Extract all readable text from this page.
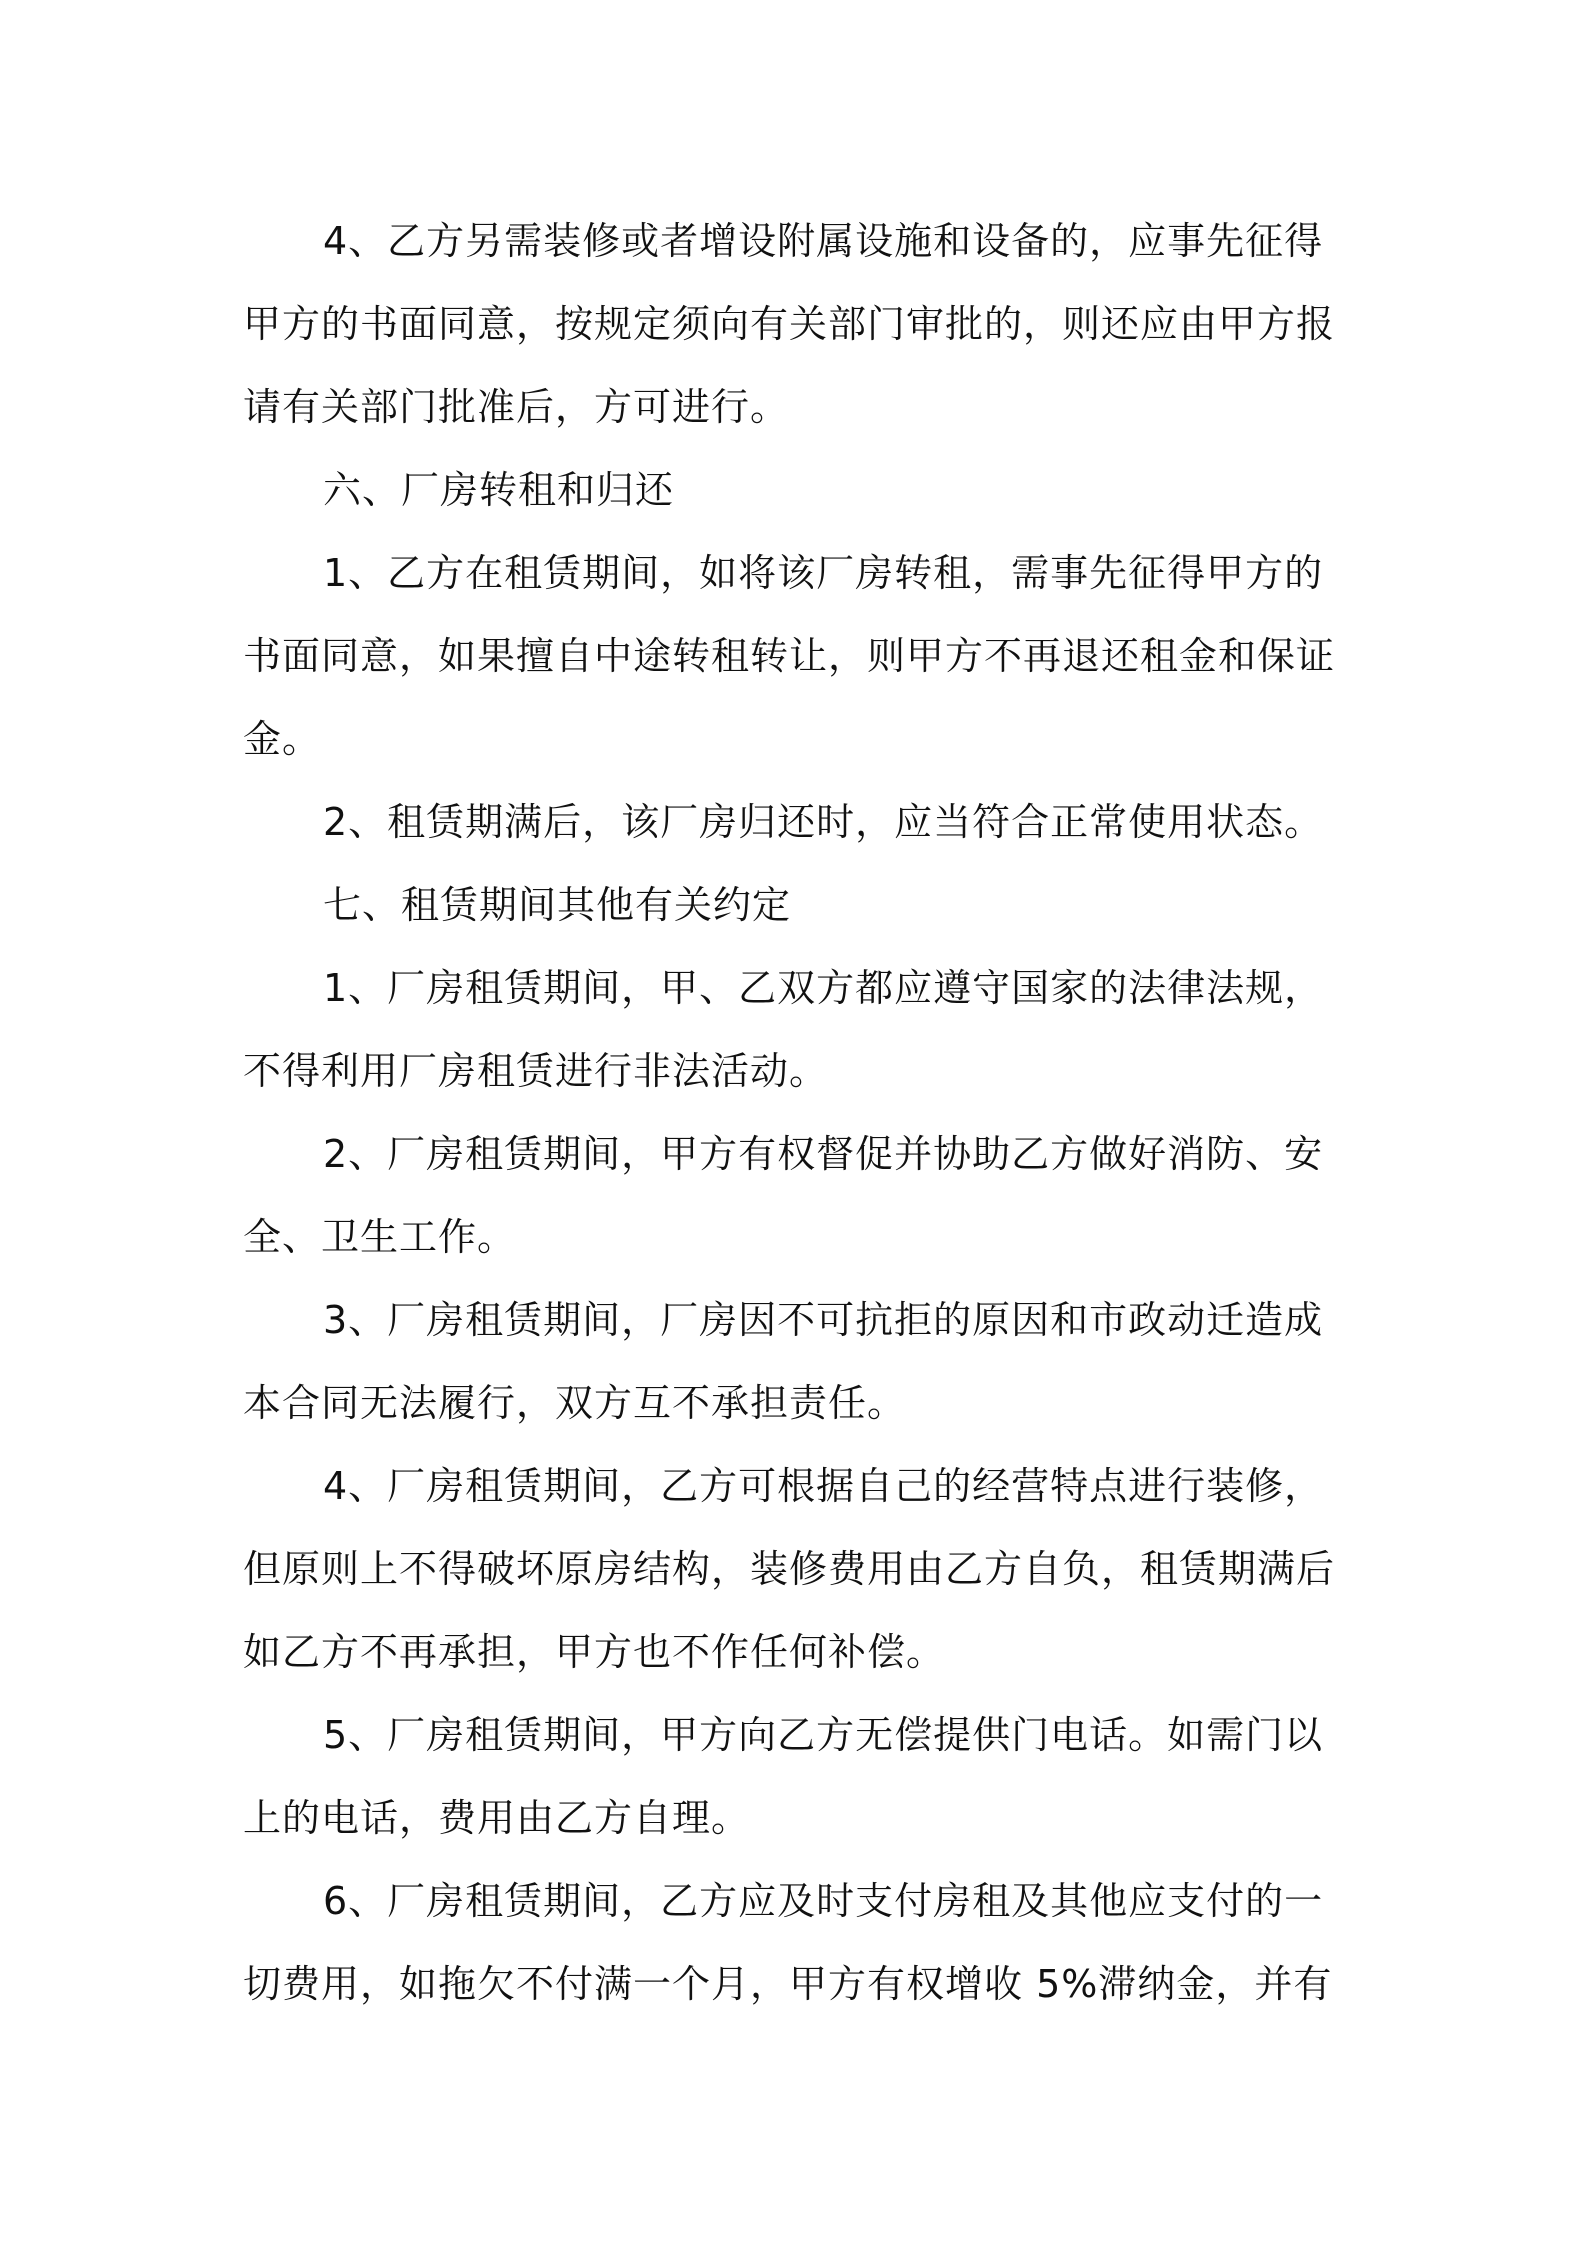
4、乙方另需装修或者增设附属设施和设备的，应事先征得
甲方的书面同意，按规定须向有关部门审批的，则还应由甲方报
请有关部门批准后，方可进行。
六、厂房转租和归还
1、乙方在租赁期间，如将该厂房转租，需事先征得甲方的
书面同意，如果擅自中途转租转让，则甲方不再退还租金和保证
金。
2、租赁期满后，该厂房归还时，应当符合正常使用状态。
七、租赁期间其他有关约定
1、厂房租赁期间，甲、乙双方都应遵守国家的法律法规，
不得利用厂房租赁进行非法活动。
2、厂房租赁期间，甲方有权督促并协助乙方做好消防、安
全、卫生工作。
3、厂房租赁期间，厂房因不可抗拒的原因和市政动迁造成
本合同无法履行，双方互不承担责任。
4、厂房租赁期间，乙方可根据自己的经营特点进行装修，
但原则上不得破坏原房结构，装修费用由乙方自负，租赁期满后
如乙方不再承担，甲方也不作任何补偿。
5、厂房租赁期间，甲方向乙方无偿提供门电话。如需门以
上的电话，费用由乙方自理。
6、厂房租赁期间，乙方应及时支付房租及其他应支付的一
切费用，如拖欠不付满一个月，甲方有权增收 5%滞纳金，并有
